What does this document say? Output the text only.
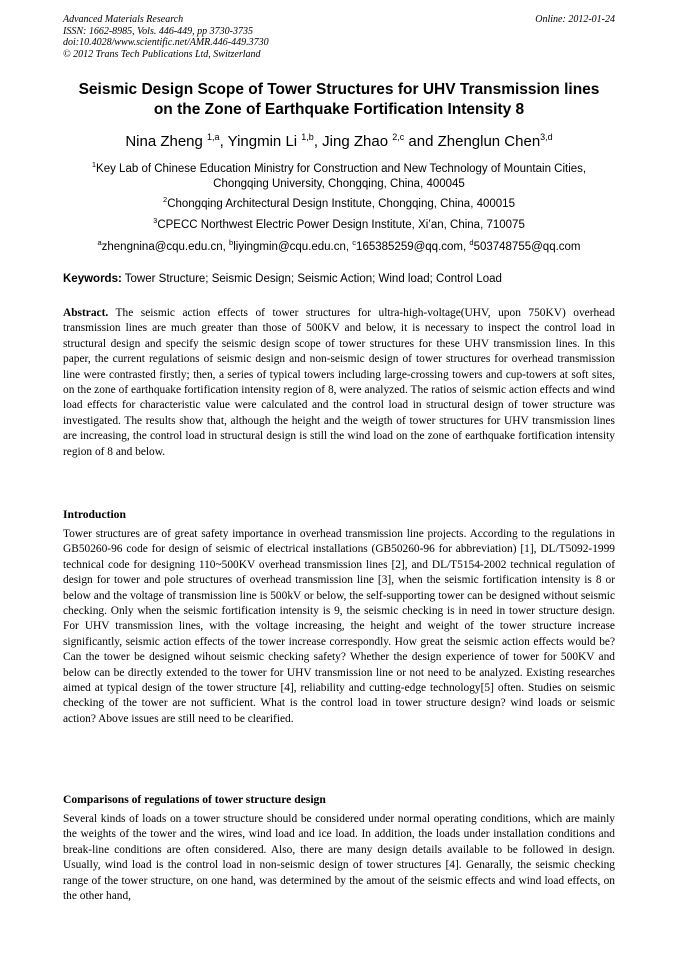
Advanced Materials Research
ISSN: 1662-8985, Vols. 446-449, pp 3730-3735
doi:10.4028/www.scientific.net/AMR.446-449.3730
© 2012 Trans Tech Publications Ltd, Switzerland
Online: 2012-01-24
Seismic Design Scope of Tower Structures for UHV Transmission lines
on the Zone of Earthquake Fortification Intensity 8
Nina Zheng $^{1,a}$, Yingmin Li $^{1,b}$, Jing Zhao $^{2,c}$ and Zhenglun Chen$^{3,d}$
$^1$Key Lab of Chinese Education Ministry for Construction and New Technology of Mountain Cities,
Chongqing University, Chongqing, China, 400045
$^2$Chongqing Architectural Design Institute, Chongqing, China, 400015
$^3$CPECC Northwest Electric Power Design Institute, Xi’an, China, 710075
$^a$zhengnina@cqu.edu.cn, $^b$liyingmin@cqu.edu.cn, $^c$165385259@qq.com, $^d$503748755@qq.com
Keywords: Tower Structure; Seismic Design; Seismic Action; Wind load; Control Load
Abstract. The seismic action effects of tower structures for ultra-high-voltage(UHV, upon 750KV) overhead transmission lines are much greater than those of 500KV and below, it is necessary to inspect the control load in structural design and specify the seismic design scope of tower structures for these UHV transmission lines. In this paper, the current regulations of seismic design and non-seismic design of tower structures for overhead transmission line were contrasted firstly; then, a series of typical towers including large-crossing towers and cup-towers at soft sites, on the zone of earthquake fortification intensity region of 8, were analyzed. The ratios of seismic action effects and wind load effects for characteristic value were calculated and the control load in structural design of tower structure was investigated. The results show that, although the height and the weigth of tower structures for UHV transmission lines are increasing, the control load in structural design is still the wind load on the zone of earthquake fortification intensity region of 8 and below.
Introduction
Tower structures are of great safety importance in overhead transmission line projects. According to the regulations in GB50260-96 code for design of seismic of electrical installations (GB50260-96 for abbreviation) [1], DL/T5092-1999 technical code for designing 110~500KV overhead transmission lines [2], and DL/T5154-2002 technical regulation of design for tower and pole structures of overhead transmission line [3], when the seismic fortification intensity is 8 or below and the voltage of transmission line is 500kV or below, the self-supporting tower can be designed without seismic checking. Only when the seismic fortification intensity is 9, the seismic checking is in need in tower structure design. For UHV transmission lines, with the voltage increasing, the height and weight of the tower structure increase significantly, seismic action effects of the tower increase correspondly. How great the seismic action effects would be? Can the tower be designed wihout seismic checking safety? Whether the design experience of tower for 500KV and below can be directly extended to the tower for UHV transmission line or not need to be analyzed. Existing researches aimed at typical design of the tower structure [4], reliability and cutting-edge technology[5] often. Studies on seismic checking of the tower are not sufficient. What is the control load in tower structure design? wind loads or seismic action? Above issues are still need to be clearified.
Comparisons of regulations of tower structure design
Several kinds of loads on a tower structure should be considered under normal operating conditions, which are mainly the weights of the tower and the wires, wind load and ice load. In addition, the loads under installation conditions and break-line conditions are often considered. Also, there are many design details available to be followed in design. Usually, wind load is the control load in non-seismic design of tower structures [4]. Genarally, the seismic checking range of the tower structure, on one hand, was determined by the amout of the seismic effects and wind load effects, on the other hand,
